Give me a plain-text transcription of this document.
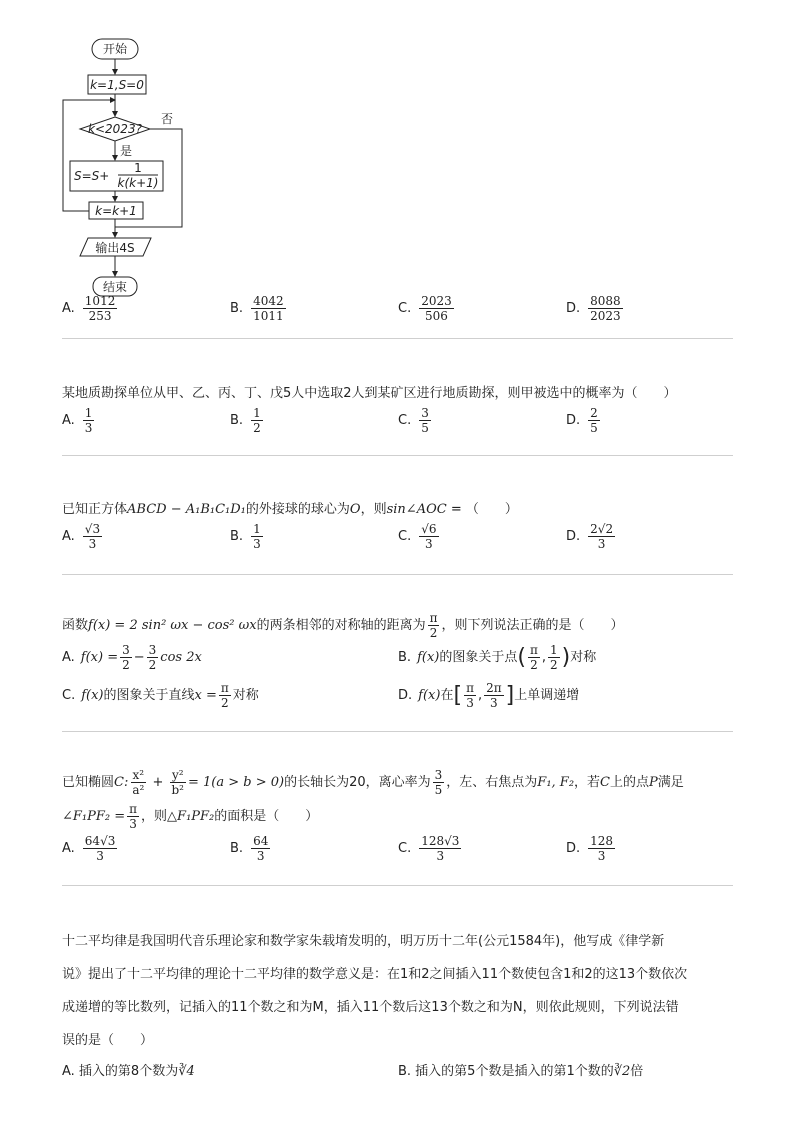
开始
k=1,S=0
k<2023?
否
是
S=S+
1
k(k+1)
k=k+1
输出4S
结束
A. $\frac{1012}{253}$	B. $\frac{4042}{1011}$	C. $\frac{2023}{506}$	D. $\frac{8088}{2023}$
某地质勘探单位从甲、乙、丙、丁、戊5人中选取2人到某矿区进行地质勘探，则甲被选中的概率为（　　）
A. $\frac{1}{3}$	B. $\frac{1}{2}$	C. $\frac{3}{5}$	D. $\frac{2}{5}$
已知正方体ABCD − A₁B₁C₁D₁的外接球的球心为O，则sin∠AOC = （　　）
A. $\frac{√3}{3}$	B. $\frac{1}{3}$	C. $\frac{√6}{3}$	D. $\frac{2√2}{3}$
函数f(x) = 2 sin² ωx − cos² ωx的两条相邻的对称轴的距离为 $\frac{\pi}{2}$ ，则下列说法正确的是（　　）
A. $f(x) = \frac{3}{2} - \frac{3}{2}$ cos 2x	B. f(x)的图象关于点( $\frac{\pi}{2}$ , $\frac{1}{2}$ )对称
C. f(x)的图象关于直线$x = \frac{\pi}{2}$ 对称	D. f(x)在[ $\frac{\pi}{3}$ , $\frac{2\pi}{3}$ ]上单调递增
已知椭圆C: $\frac{\text{x²}}{\text{a²}} + \frac{\text{y²}}{\text{b²}} = 1(a > b > 0)$的长轴长为20，离心率为 $\frac{3}{5}$ ，左、右焦点为F₁, F₂，若C上的点P满足
∠F₁PF₂ = $\frac{\pi}{3}$ ，则△F₁PF₂的面积是（　　）
A. $\frac{64√3}{3}$	B. $\frac{64}{3}$	C. $\frac{128√3}{3}$	D. $\frac{128}{3}$
十二平均律是我国明代音乐理论家和数学家朱载堉发明的，明万历十二年(公元1584年)，他写成《律学新
说》提出了十二平均律的理论十二平均律的数学意义是：在1和2之间插入11个数使包含1和2的这13个数依次
成递增的等比数列，记插入的11个数之和为M，插入11个数后这13个数之和为N，则依此规则，下列说法错
误的是（　　）
A. 插入的第8个数为∛4	B. 插入的第5个数是插入的第1个数的∛2倍
